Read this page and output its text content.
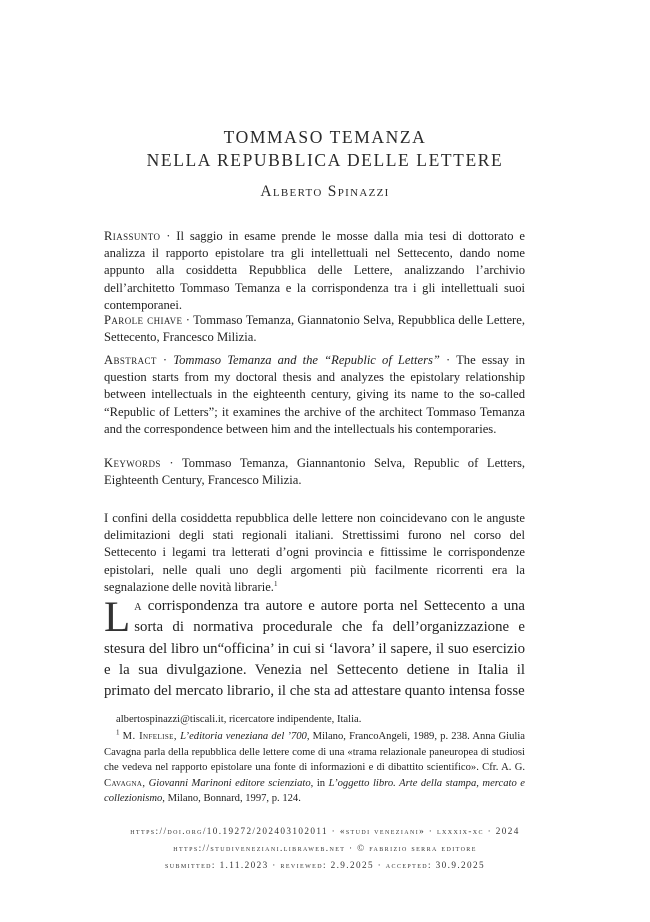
TOMMASO TEMANZA
NELLA REPUBBLICA DELLE LETTERE
Alberto Spinazzi
Riassunto · Il saggio in esame prende le mosse dalla mia tesi di dottorato e analizza il rapporto epistolare tra gli intellettuali nel Settecento, dando nome appunto alla cosiddetta Repubblica delle Lettere, analizzando l’archivio dell’architetto Tommaso Temanza e la corrispondenza tra i gli intellettuali suoi contemporanei.
Parole chiave · Tommaso Temanza, Giannatonio Selva, Repubblica delle Lettere, Settecento, Francesco Milizia.
Abstract · Tommaso Temanza and the “Republic of Letters” · The essay in question starts from my doctoral thesis and analyzes the epistolary relationship between intellectuals in the eighteenth century, giving its name to the so-called “Republic of Letters”; it examines the archive of the architect Tommaso Temanza and the correspondence between him and the intellectuals his contemporaries.
Keywords · Tommaso Temanza, Giannantonio Selva, Republic of Letters, Eighteenth Century, Francesco Milizia.
I confini della cosiddetta repubblica delle lettere non coincidevano con le anguste delimitazioni degli stati regionali italiani. Strettissimi furono nel corso del Settecento i legami tra letterati d’ogni provincia e fittissime le corrispondenze epistolari, nelle quali uno degli argomenti più facilmente ricorrenti era la segnalazione delle novità librarie.$^1$
La corrispondenza tra autore e autore porta nel Settecento a una sorta di normativa procedurale che fa dell’organizzazione e stesura del libro un“officina’ in cui si ‘lavora’ il sapere, il suo esercizio e la sua divulgazione. Venezia nel Settecento detiene in Italia il primato del mercato librario, il che sta ad attestare quanto intensa fosse
albertospinazzi@tiscali.it, ricercatore indipendente, Italia.
$^1$ M. Infelise, L’editoria veneziana del ’700, Milano, FrancoAngeli, 1989, p. 238. Anna Giulia Cavagna parla della repubblica delle lettere come di una «trama relazionale paneuropea di studiosi che vedeva nel rapporto epistolare una fonte di informazioni e di dibattito scientifico». Cfr. A. G. Cavagna, Giovanni Marinoni editore scienziato, in L’oggetto libro. Arte della stampa, mercato e collezionismo, Milano, Bonnard, 1997, p. 124.
https://doi.org/10.19272/202403102011 · «studi veneziani» · lxxxix-xc · 2024
https://studiveneziani.libraweb.net · © fabrizio serra editore
submitted: 1.11.2023 · reviewed: 2.9.2025 · accepted: 30.9.2025
